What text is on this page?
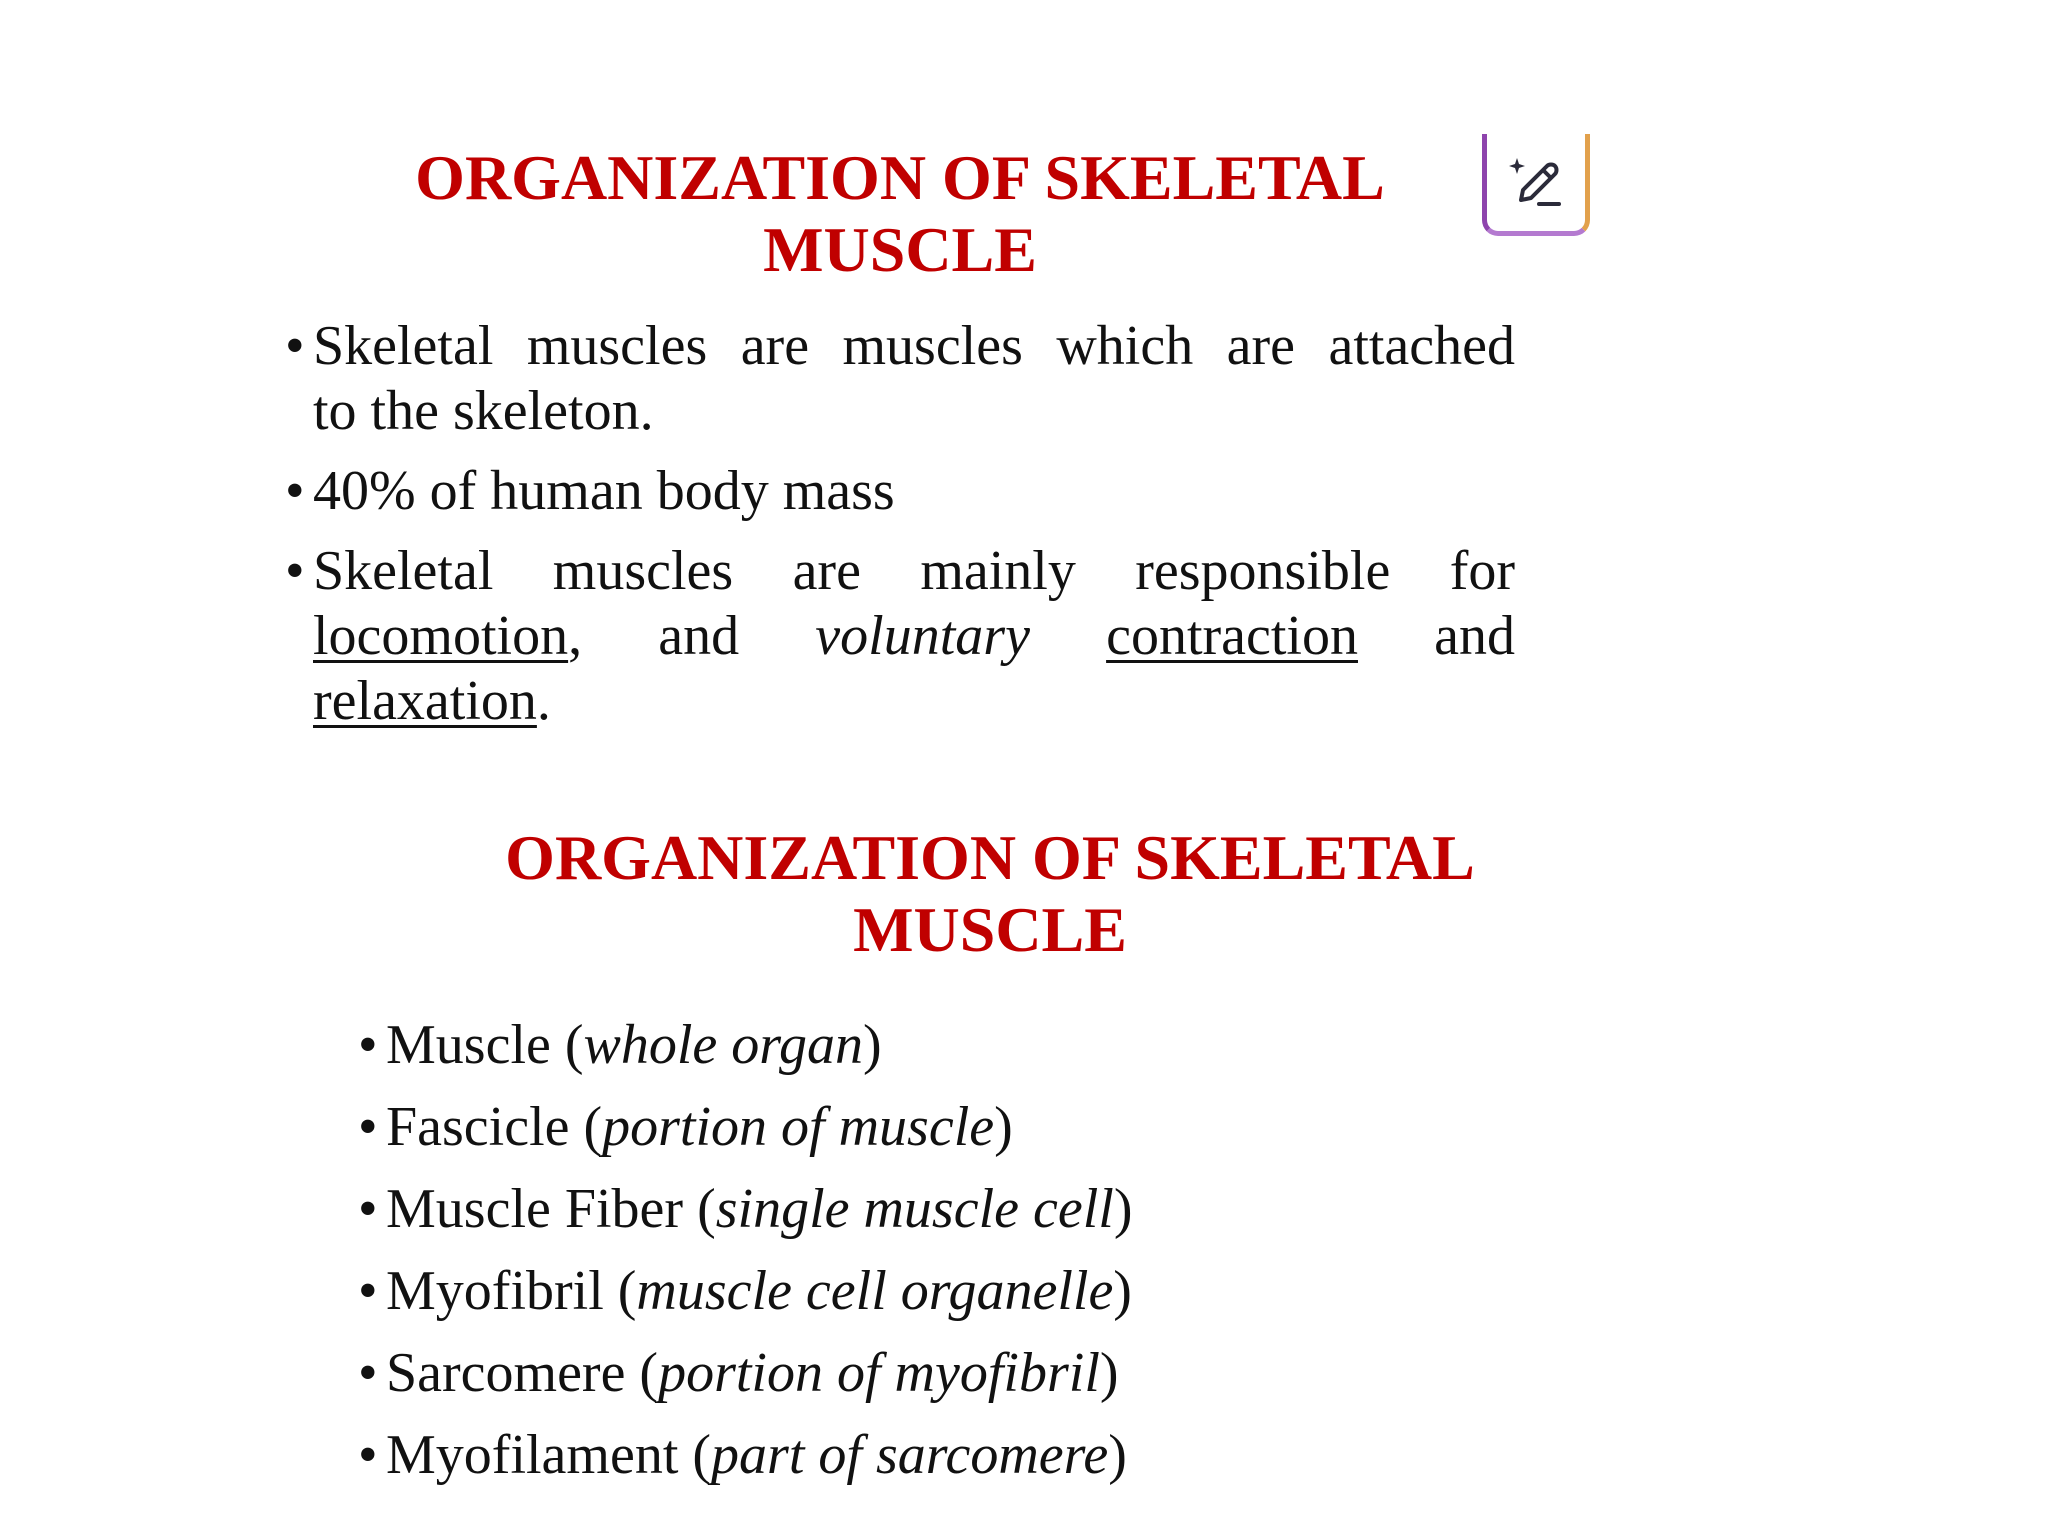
ORGANIZATION OF SKELETAL
MUSCLE
• Skeletal muscles are muscles which are attached
to the skeleton.
• 40% of human body mass
• Skeletal muscles are mainly responsible for
locomotion, and voluntary contraction and
relaxation.
ORGANIZATION OF SKELETAL
MUSCLE
• Muscle (whole organ)
• Fascicle (portion of muscle)
• Muscle Fiber (single muscle cell)
• Myofibril (muscle cell organelle)
• Sarcomere (portion of myofibril)
• Myofilament (part of sarcomere)
